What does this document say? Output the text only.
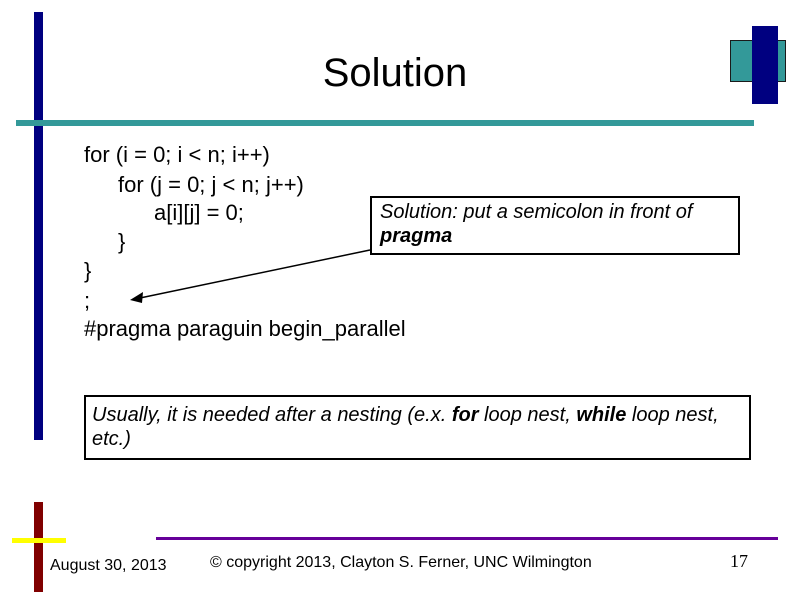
Solution
for (i = 0; i < n; i++)
for (j = 0; j < n; j++)
a[i][j] = 0;
}
}
;
#pragma paraguin begin_parallel
Solution: put a semicolon in front of pragma
Usually, it is needed after a nesting (e.x. for loop nest, while loop nest, etc.)
August 30, 2013	© copyright 2013, Clayton S. Ferner, UNC Wilmington	17
